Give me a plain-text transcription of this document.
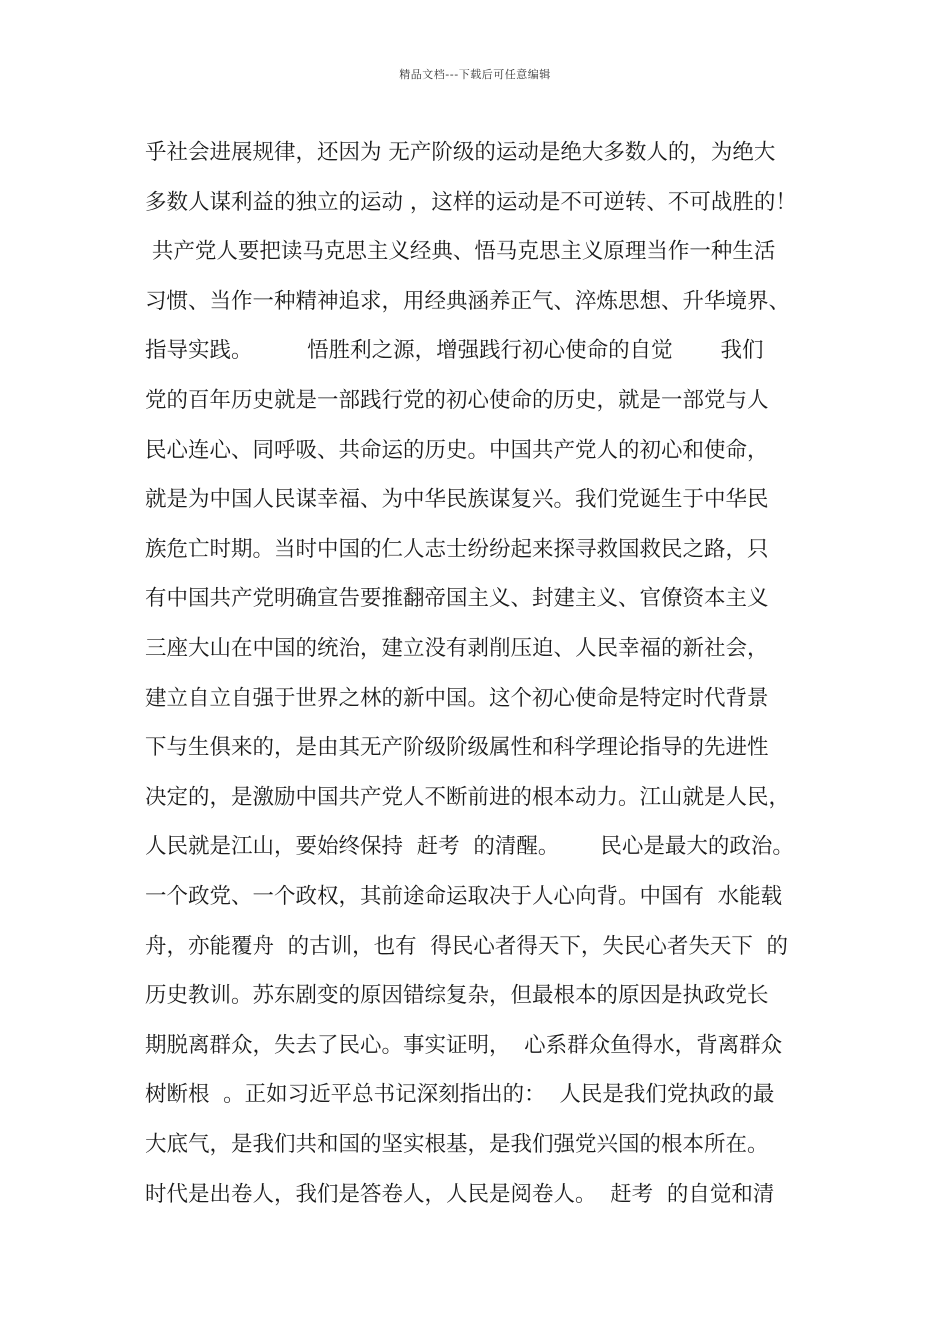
精品文档---下载后可任意编辑
乎社会进展规律，还因为 无产阶级的运动是绝大多数人的，为绝大
多数人谋利益的独立的运动 ，这样的运动是不可逆转、不可战胜的！
共产党人要把读马克思主义经典、悟马克思主义原理当作一种生活
习惯、当作一种精神追求，用经典涵养正气、淬炼思想、升华境界、
指导实践。        悟胜利之源，增强践行初心使命的自觉       我们
党的百年历史就是一部践行党的初心使命的历史，就是一部党与人
民心连心、同呼吸、共命运的历史。中国共产党人的初心和使命，
就是为中国人民谋幸福、为中华民族谋复兴。我们党诞生于中华民
族危亡时期。当时中国的仁人志士纷纷起来探寻救国救民之路，只
有中国共产党明确宣告要推翻帝国主义、封建主义、官僚资本主义
三座大山在中国的统治，建立没有剥削压迫、人民幸福的新社会，
建立自立自强于世界之林的新中国。这个初心使命是特定时代背景
下与生俱来的，是由其无产阶级阶级属性和科学理论指导的先进性
决定的，是激励中国共产党人不断前进的根本动力。江山就是人民，
人民就是江山，要始终保持  赶考  的清醒。      民心是最大的政治。
一个政党、一个政权，其前途命运取决于人心向背。中国有  水能载
舟，亦能覆舟  的古训，也有  得民心者得天下，失民心者失天下  的
历史教训。苏东剧变的原因错综复杂，但最根本的原因是执政党长
期脱离群众，失去了民心。事实证明，  心系群众鱼得水，背离群众
树断根  。正如习近平总书记深刻指出的：  人民是我们党执政的最
大底气，是我们共和国的坚实根基，是我们强党兴国的根本所在。
时代是出卷人，我们是答卷人，人民是阅卷人。  赶考  的自觉和清
